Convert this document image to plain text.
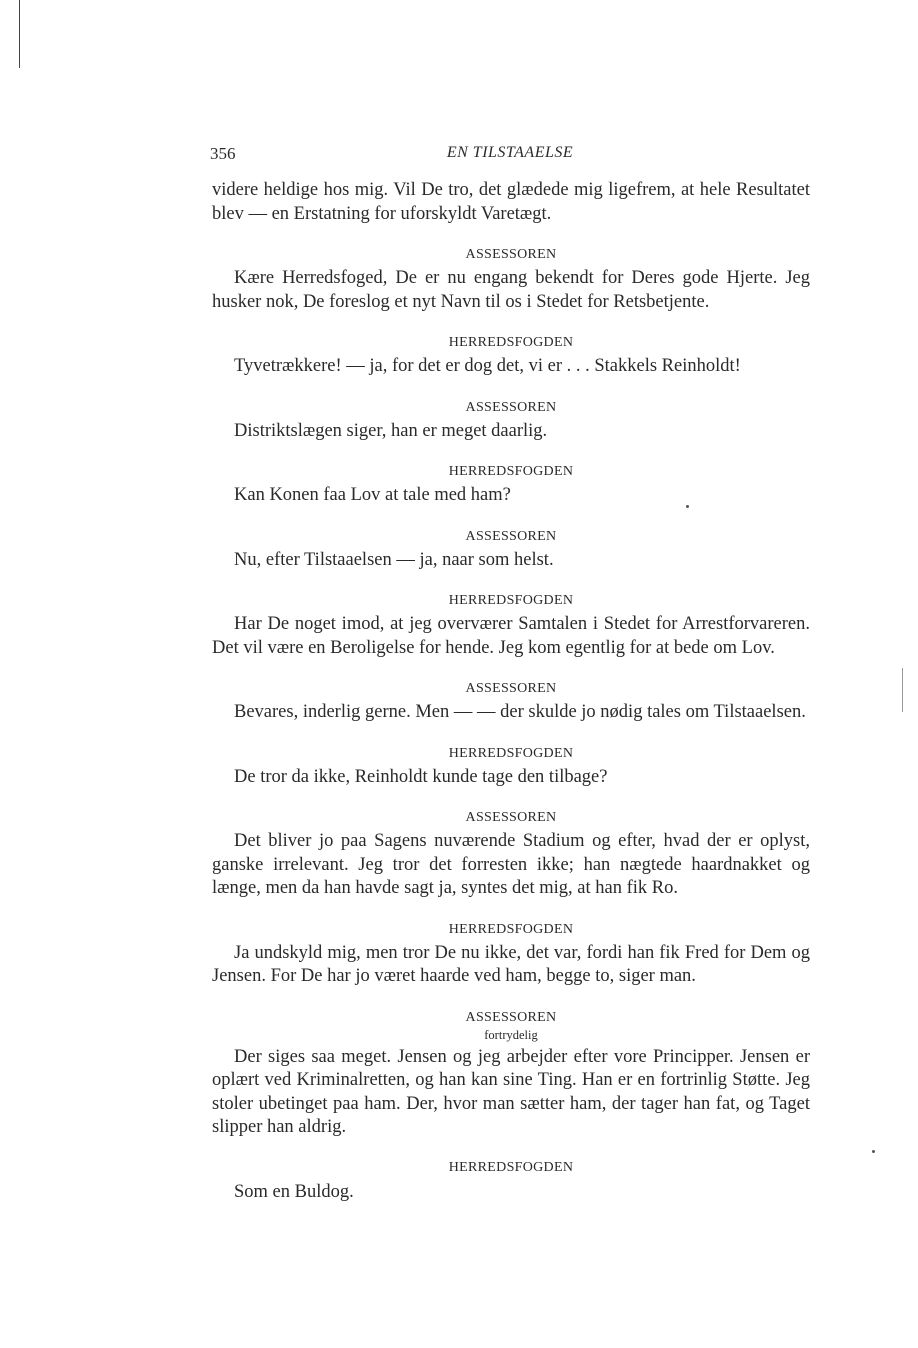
356	EN TILSTAAELSE

videre heldige hos mig. Vil De tro, det glædede mig ligefrem, at hele Resultatet blev — en Erstatning for uforskyldt Varetægt.

ASSESSOREN

Kære Herredsfoged, De er nu engang bekendt for Deres gode Hjerte. Jeg husker nok, De foreslog et nyt Navn til os i Stedet for Retsbetjente.

HERREDSFOGDEN

Tyvetrækkere! — ja, for det er dog det, vi er . . . Stakkels Reinholdt!

ASSESSOREN

Distriktslægen siger, han er meget daarlig.

HERREDSFOGDEN

Kan Konen faa Lov at tale med ham?

ASSESSOREN

Nu, efter Tilstaaelsen — ja, naar som helst.

HERREDSFOGDEN

Har De noget imod, at jeg overværer Samtalen i Stedet for Arrestforvareren. Det vil være en Beroligelse for hende. Jeg kom egentlig for at bede om Lov.

ASSESSOREN

Bevares, inderlig gerne. Men — — der skulde jo nødig tales om Tilstaaelsen.

HERREDSFOGDEN

De tror da ikke, Reinholdt kunde tage den tilbage?

ASSESSOREN

Det bliver jo paa Sagens nuværende Stadium og efter, hvad der er oplyst, ganske irrelevant. Jeg tror det forresten ikke; han nægtede haardnakket og længe, men da han havde sagt ja, syntes det mig, at han fik Ro.

HERREDSFOGDEN

Ja undskyld mig, men tror De nu ikke, det var, fordi han fik Fred for Dem og Jensen. For De har jo været haarde ved ham, begge to, siger man.

ASSESSOREN
fortrydelig

Der siges saa meget. Jensen og jeg arbejder efter vore Principper. Jensen er oplært ved Kriminalretten, og han kan sine Ting. Han er en fortrinlig Støtte. Jeg stoler ubetinget paa ham. Der, hvor man sætter ham, der tager han fat, og Taget slipper han aldrig.

HERREDSFOGDEN
Som en Buldog.
